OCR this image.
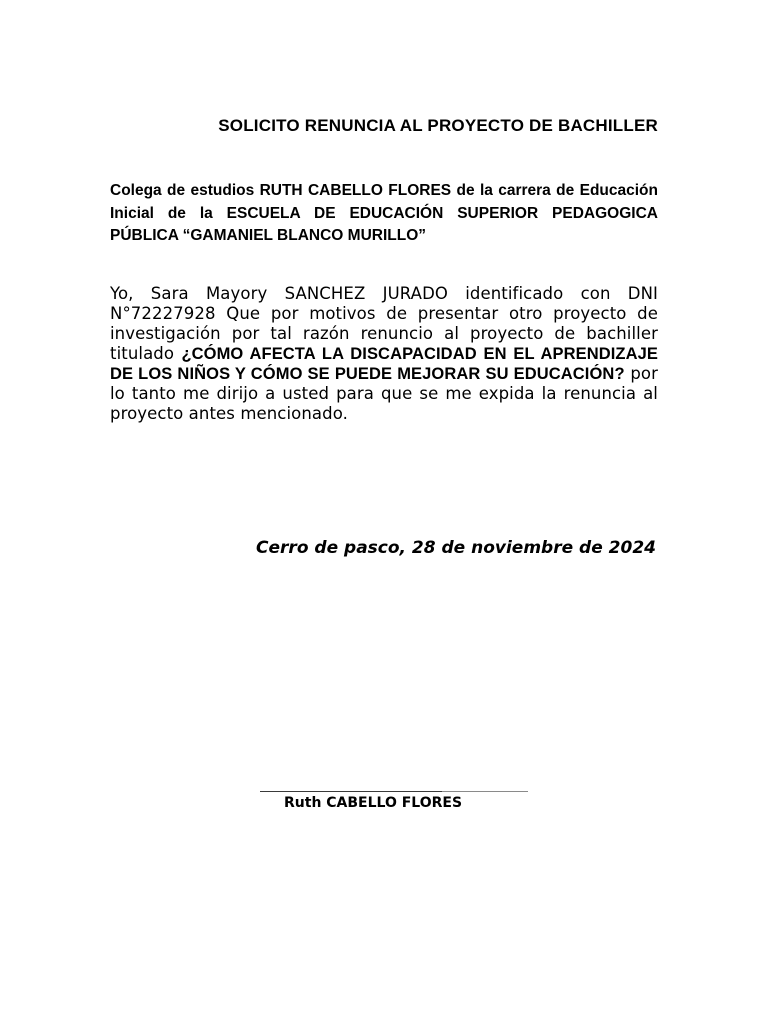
SOLICITO RENUNCIA AL PROYECTO DE BACHILLER
Colega de estudios RUTH CABELLO FLORES de la carrera de Educación Inicial de la ESCUELA DE EDUCACIÓN SUPERIOR PEDAGOGICA PÚBLICA “GAMANIEL BLANCO MURILLO”
Yo, Sara Mayory SANCHEZ JURADO identificado con DNI N°72227928 Que por motivos de presentar otro proyecto de investigación por tal razón renuncio al proyecto de bachiller titulado ¿CÓMO AFECTA LA DISCAPACIDAD EN EL APRENDIZAJE DE LOS NIÑOS Y CÓMO SE PUEDE MEJORAR SU EDUCACIÓN? por lo tanto me dirijo a usted para que se me expida la renuncia al proyecto antes mencionado.
Cerro de pasco, 28 de noviembre de 2024
Ruth CABELLO FLORES
